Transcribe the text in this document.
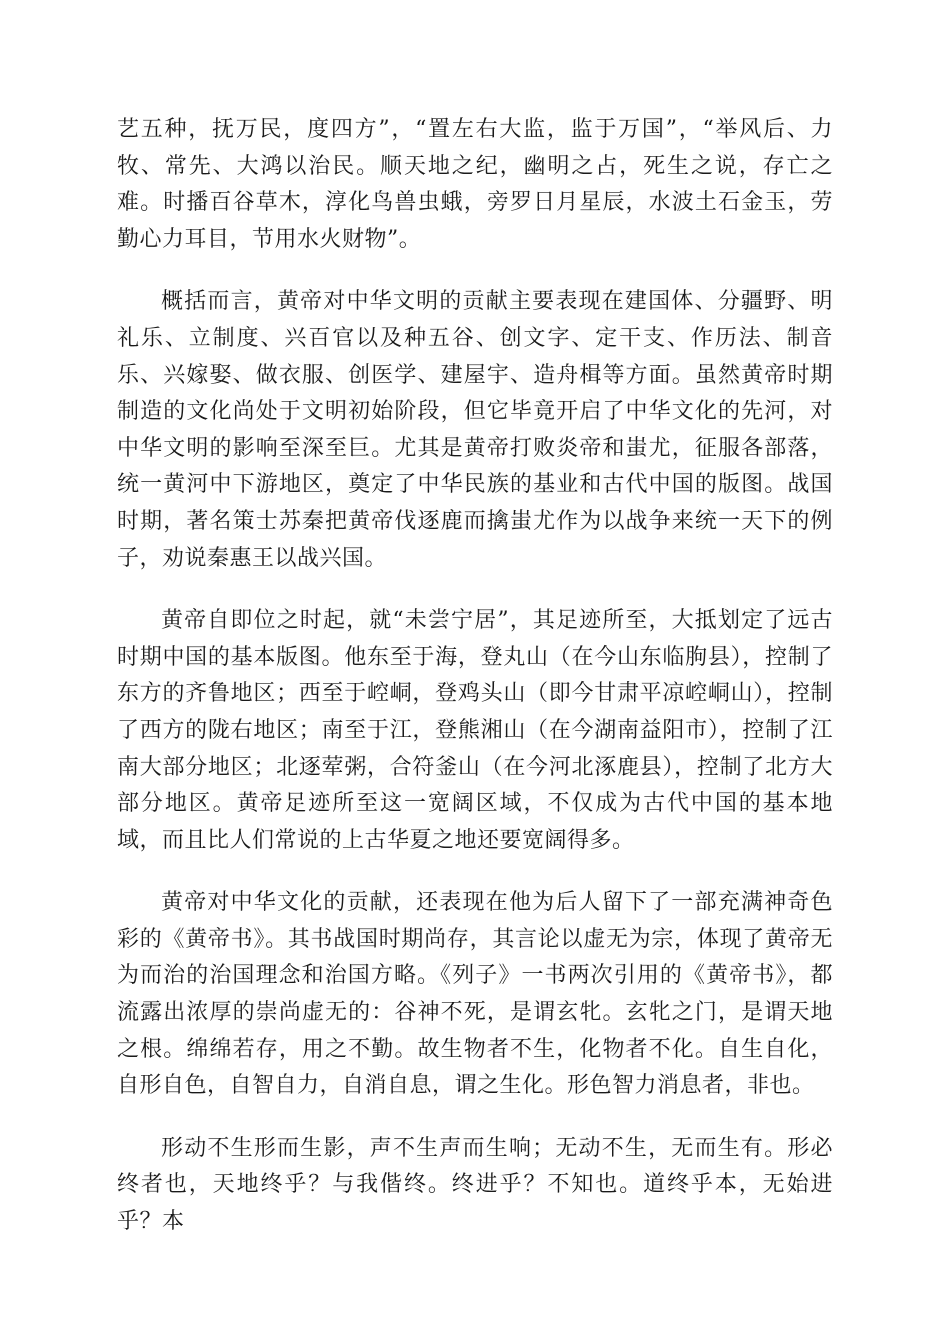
艺五种，抚万民，度四方”，“置左右大监，监于万国”，“举风后、力牧、常先、大鸿以治民。顺天地之纪，幽明之占，死生之说，存亡之难。时播百谷草木，淳化鸟兽虫蛾，旁罗日月星辰，水波土石金玉，劳勤心力耳目，节用水火财物”。

概括而言，黄帝对中华文明的贡献主要表现在建国体、分疆野、明礼乐、立制度、兴百官以及种五谷、创文字、定干支、作历法、制音乐、兴嫁娶、做衣服、创医学、建屋宇、造舟楫等方面。虽然黄帝时期制造的文化尚处于文明初始阶段，但它毕竟开启了中华文化的先河，对中华文明的影响至深至巨。尤其是黄帝打败炎帝和蚩尤，征服各部落，统一黄河中下游地区，奠定了中华民族的基业和古代中国的版图。战国时期，著名策士苏秦把黄帝伐逐鹿而擒蚩尤作为以战争来统一天下的例子，劝说秦惠王以战兴国。

黄帝自即位之时起，就“未尝宁居”，其足迹所至，大抵划定了远古时期中国的基本版图。他东至于海，登丸山（在今山东临朐县），控制了东方的齐鲁地区；西至于崆峒，登鸡头山（即今甘肃平凉崆峒山），控制了西方的陇右地区；南至于江，登熊湘山（在今湖南益阳市），控制了江南大部分地区；北逐荤粥，合符釜山（在今河北涿鹿县），控制了北方大部分地区。黄帝足迹所至这一宽阔区域，不仅成为古代中国的基本地域，而且比人们常说的上古华夏之地还要宽阔得多。

黄帝对中华文化的贡献，还表现在他为后人留下了一部充满神奇色彩的《黄帝书》。其书战国时期尚存，其言论以虚无为宗，体现了黄帝无为而治的治国理念和治国方略。《列子》一书两次引用的《黄帝书》，都流露出浓厚的崇尚虚无的：谷神不死，是谓玄牝。玄牝之门，是谓天地之根。绵绵若存，用之不勤。故生物者不生，化物者不化。自生自化，自形自色，自智自力，自消自息，谓之生化。形色智力消息者，非也。

形动不生形而生影，声不生声而生响；无动不生，无而生有。形必终者也，天地终乎？与我偕终。终进乎？不知也。道终乎本，无始进乎？本
